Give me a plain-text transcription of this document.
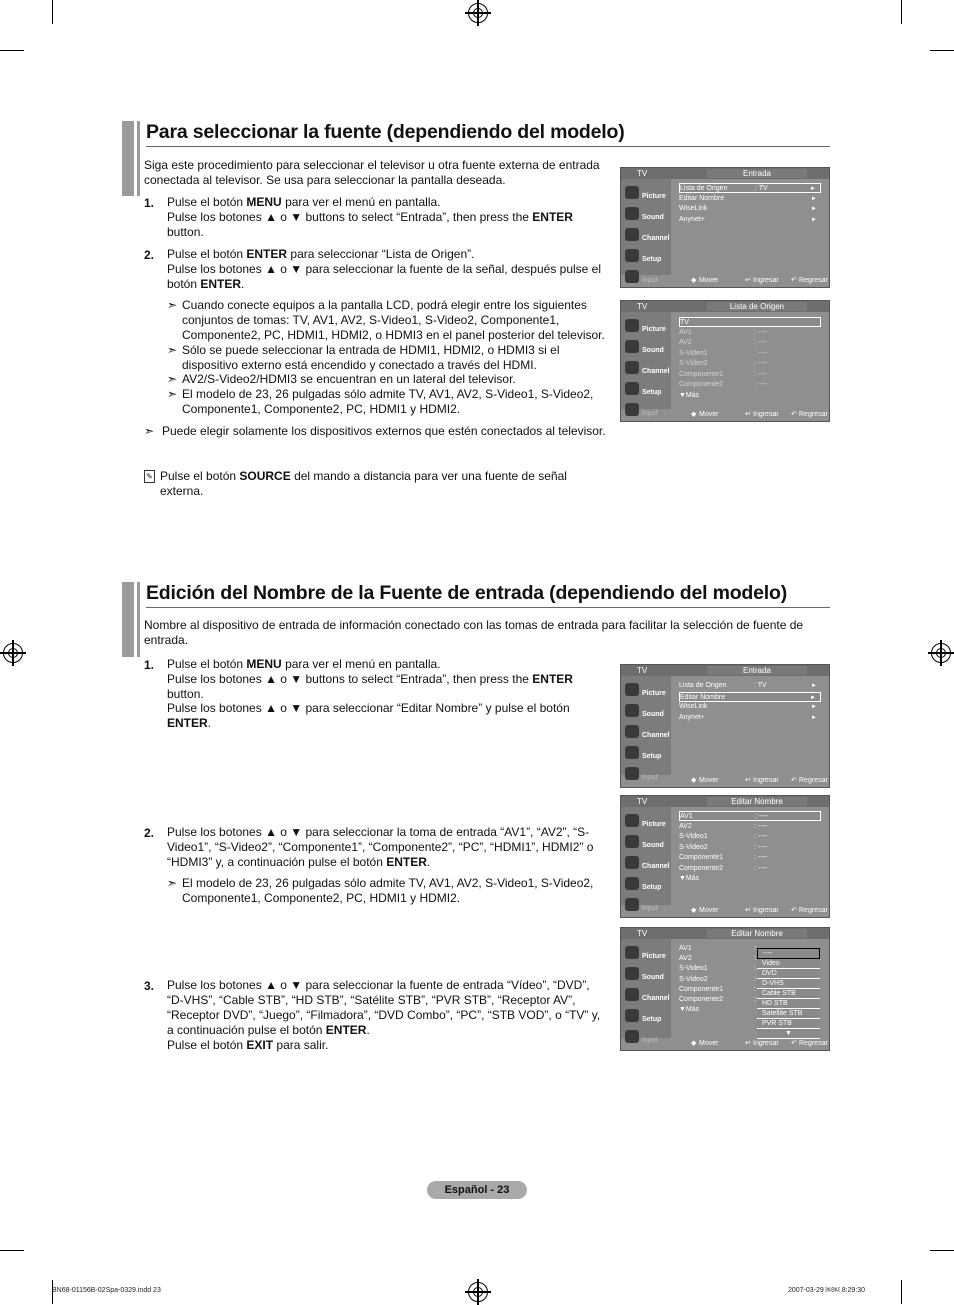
Para seleccionar la fuente (dependiendo del modelo)
Siga este procedimiento para seleccionar el televisor u otra fuente externa de entrada conectada al televisor. Se usa para seleccionar la pantalla deseada.
1. Pulse el botón MENU para ver el menú en pantalla.
Pulse los botones ▲ o ▼ buttons to select “Entrada”, then press the ENTER button.
2. Pulse el botón ENTER para seleccionar “Lista de Origen”.
Pulse los botones ▲ o ▼ para seleccionar la fuente de la señal, después pulse el botón ENTER.
➣ Cuando conecte equipos a la pantalla LCD, podrá elegir entre los siguientes conjuntos de tomas: TV, AV1, AV2, S-Video1, S-Video2, Componente1, Componente2, PC, HDMI1, HDMI2, o HDMI3 en el panel posterior del televisor.
➣ Sólo se puede seleccionar la entrada de HDMI1, HDMI2, o HDMI3 si el dispositivo externo está encendido y conectado a través del HDMI.
➣ AV2/S-Video2/HDMI3 se encuentran en un lateral del televisor.
➣ El modelo de 23, 26 pulgadas sólo admite TV, AV1, AV2, S-Video1, S-Video2, Componente1, Componente2, PC, HDMI1 y HDMI2.
➣ Puede elegir solamente los dispositivos externos que estén conectados al televisor.
✎ Pulse el botón SOURCE del mando a distancia para ver una fuente de señal externa.
Edición del Nombre de la Fuente de entrada (dependiendo del modelo)
Nombre al dispositivo de entrada de información conectado con las tomas de entrada para facilitar la selección de fuente de entrada.
1. Pulse el botón MENU para ver el menú en pantalla.
Pulse los botones ▲ o ▼ buttons to select “Entrada”, then press the ENTER button.
Pulse los botones ▲ o ▼ para seleccionar “Editar Nombre” y pulse el botón ENTER.
2. Pulse los botones ▲ o ▼ para seleccionar la toma de entrada “AV1”, “AV2”, “S-Video1”, “S-Video2”, “Componente1”, “Componente2”, “PC”, “HDMI1”, HDMI2” o “HDMI3” y, a continuación pulse el botón ENTER.
➣ El modelo de 23, 26 pulgadas sólo admite TV, AV1, AV2, S-Video1, S-Video2, Componente1, Componente2, PC, HDMI1 y HDMI2.
3. Pulse los botones ▲ o ▼ para seleccionar la fuente de entrada “Vídeo”, “DVD”, “D-VHS”, “Cable STB”, “HD STB”, “Satélite STB”, “PVR STB”, “Receptor AV”, “Receptor DVD”, “Juego”, “Filmadora”, “DVD Combo”, “PC”, “STB VOD”, o “TV” y, a continuación pulse el botón ENTER.
Pulse el botón EXIT para salir.
TV	Entrada
Picture
Sound
Channel
Setup
Input
Lista de Origen	: TV	►
Editar Nombre	►
WiseLink	►
Anynet+	►
◆ Mover	↵ Ingresar ↶ Regresar
TV	Lista de Origen
Picture
Sound
Channel
Setup
Input
TV
AV1	: ----
AV2	: ----
S-Video1	: ----
S-Video2	: ----
Componente1	: ----
Componente2	: ----
▼Más
◆ Mover	↵ Ingresar ↶ Regresar
TV	Entrada
Picture
Sound
Channel
Setup
Input
Lista de Origen	: TV	►
Editar Nombre	►
WiseLink	►
Anynet+	►
◆ Mover	↵ Ingresar ↶ Regresar
TV	Editar Nombre
Picture
Sound
Channel
Setup
Input
AV1	: ----
AV2	: ----
S-Video1	: ----
S-Video2	: ----
Componente1	: ----
Componente2	: ----
▼Más
◆ Mover	↵ Ingresar ↶ Regresar
TV	Editar Nombre
Picture
Sound
Channel
Setup
Input
AV1	:
AV2	:
S-Video1	:
S-Video2	:
Componente1	:
Componente2	:
▼Más
----
Video
DVD
D-VHS
Cable STB
HD STB
Satellite STB
PVR STB
▼
◆ Mover	↵ Ingresar ↶ Regresar
Español - 23
BN68-01156B-02Spa-0329.indd 23	2007-03-29 ￼￼ 8:29:30
